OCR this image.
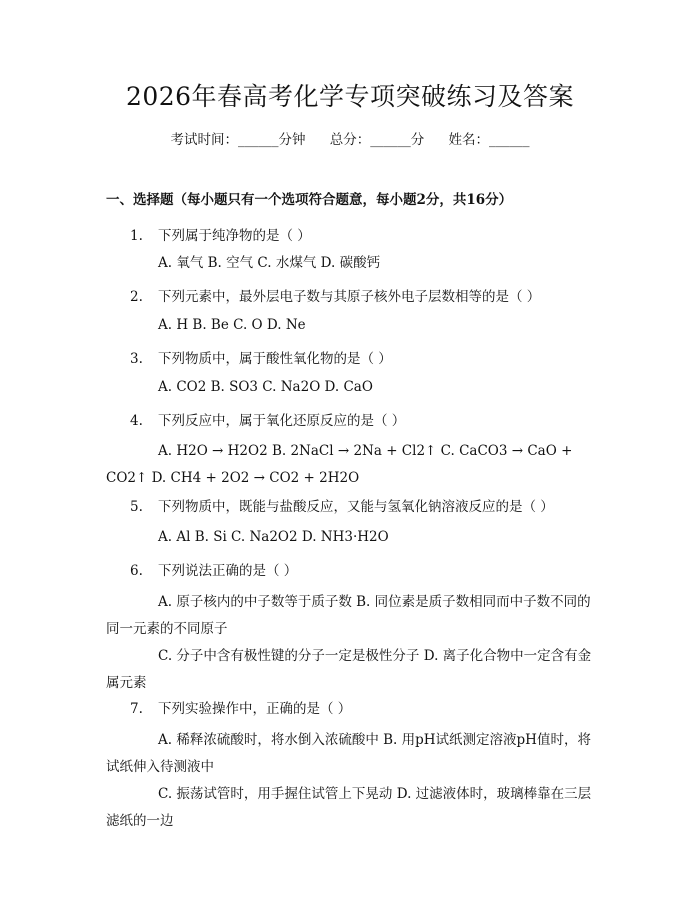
2026年春高考化学专项突破练习及答案
考试时间：______分钟 总分：______分 姓名：______
一、选择题（每小题只有一个选项符合题意，每小题2分，共16分）
1. 下列属于纯净物的是（ ）
A. 氧气 B. 空气 C. 水煤气 D. 碳酸钙
2. 下列元素中，最外层电子数与其原子核外电子层数相等的是（ ）
A. H B. Be C. O D. Ne
3. 下列物质中，属于酸性氧化物的是（ ）
A. CO2 B. SO3 C. Na2O D. CaO
4. 下列反应中，属于氧化还原反应的是（ ）
A. H2O → H2O2 B. 2NaCl → 2Na + Cl2↑ C. CaCO3 → CaO + CO2↑ D. CH4 + 2O2 → CO2 + 2H2O
5. 下列物质中，既能与盐酸反应，又能与氢氧化钠溶液反应的是（ ）
A. Al B. Si C. Na2O2 D. NH3·H2O
6. 下列说法正确的是（ ）
A. 原子核内的中子数等于质子数 B. 同位素是质子数相同而中子数不同的同一元素的不同原子
C. 分子中含有极性键的分子一定是极性分子 D. 离子化合物中一定含有金属元素
7. 下列实验操作中，正确的是（ ）
A. 稀释浓硫酸时，将水倒入浓硫酸中 B. 用pH试纸测定溶液pH值时，将试纸伸入待测液中
C. 振荡试管时，用手握住试管上下晃动 D. 过滤液体时，玻璃棒靠在三层滤纸的一边
